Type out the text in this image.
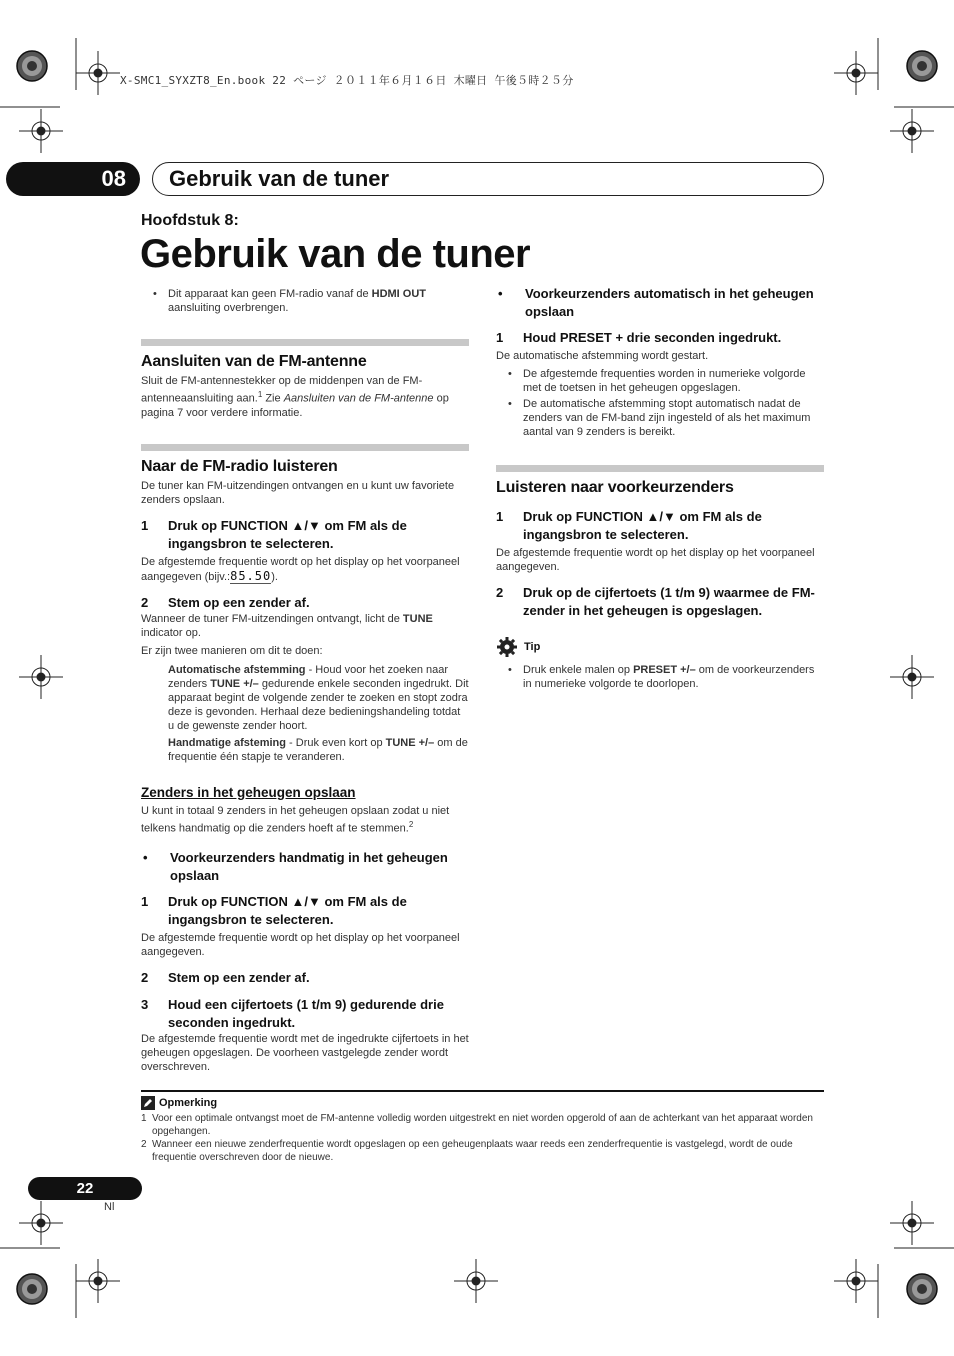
X-SMC1_SYXZT8_En.book 22 ページ ２０１１年６月１６日 木曜日 午後５時２５分
08	Gebruik van de tuner
Hoofdstuk 8:
Gebruik van de tuner
• Dit apparaat kan geen FM-radio vanaf de HDMI OUT aansluiting overbrengen.
Aansluiten van de FM-antenne

Sluit de FM-antennestekker op de middenpen van de FM-antenneaansluiting aan.$^1$ Zie Aansluiten van de FM-antenne op pagina 7 voor verdere informatie.

Naar de FM-radio luisteren

De tuner kan FM-uitzendingen ontvangen en u kunt uw favoriete zenders opslaan.

1	Druk op FUNCTION ▲/▼ om FM als de ingangsbron te selecteren.

De afgestemde frequentie wordt op het display op het voorpaneel aangegeven (bijv.:85.50).

2	Stem op een zender af.

Wanneer de tuner FM-uitzendingen ontvangt, licht de TUNE indicator op.

Er zijn twee manieren om dit te doen:

Automatische afstemming - Houd voor het zoeken naar zenders TUNE +/– gedurende enkele seconden ingedrukt. Dit apparaat begint de volgende zender te zoeken en stopt zodra deze is gevonden. Herhaal deze bedieningshandeling totdat u de gewenste zender hoort.

Handmatige afsteming - Druk even kort op TUNE +/– om de frequentie één stapje te veranderen.

Zenders in het geheugen opslaan

U kunt in totaal 9 zenders in het geheugen opslaan zodat u niet telkens handmatig op die zenders hoeft af te stemmen.$^2$

•	Voorkeurzenders handmatig in het geheugen opslaan
1	Druk op FUNCTION ▲/▼ om FM als de ingangsbron te selecteren.

De afgestemde frequentie wordt op het display op het voorpaneel aangegeven.

2	Stem op een zender af.
3	Houd een cijfertoets (1 t/m 9) gedurende drie seconden ingedrukt.

De afgestemde frequentie wordt met de ingedrukte cijfertoets in het geheugen opgeslagen. De voorheen vastgelegde zender wordt overschreven.

•	Voorkeurzenders automatisch in het geheugen opslaan
1	Houd PRESET + drie seconden ingedrukt.

De automatische afstemming wordt gestart.

• De afgestemde frequenties worden in numerieke volgorde met de toetsen in het geheugen opgeslagen.
• De automatische afstemming stopt automatisch nadat de zenders van de FM-band zijn ingesteld of als het maximum aantal van 9 zenders is bereikt.
Luisteren naar voorkeurzenders
1	Druk op FUNCTION ▲/▼ om FM als de ingangsbron te selecteren.

De afgestemde frequentie wordt op het display op het voorpaneel aangegeven.

2	Druk op de cijfertoets (1 t/m 9) waarmee de FM-zender in het geheugen is opgeslagen.
Tip
• Druk enkele malen op PRESET +/– om de voorkeurzenders in numerieke volgorde te doorlopen.
Opmerking
1 Voor een optimale ontvangst moet de FM-antenne volledig worden uitgestrekt en niet worden opgerold of aan de achterkant van het apparaat worden opgehangen.
2 Wanneer een nieuwe zenderfrequentie wordt opgeslagen op een geheugenplaats waar reeds een zenderfrequentie is vastgelegd, wordt de oude frequentie overschreven door de nieuwe.
22
Nl
